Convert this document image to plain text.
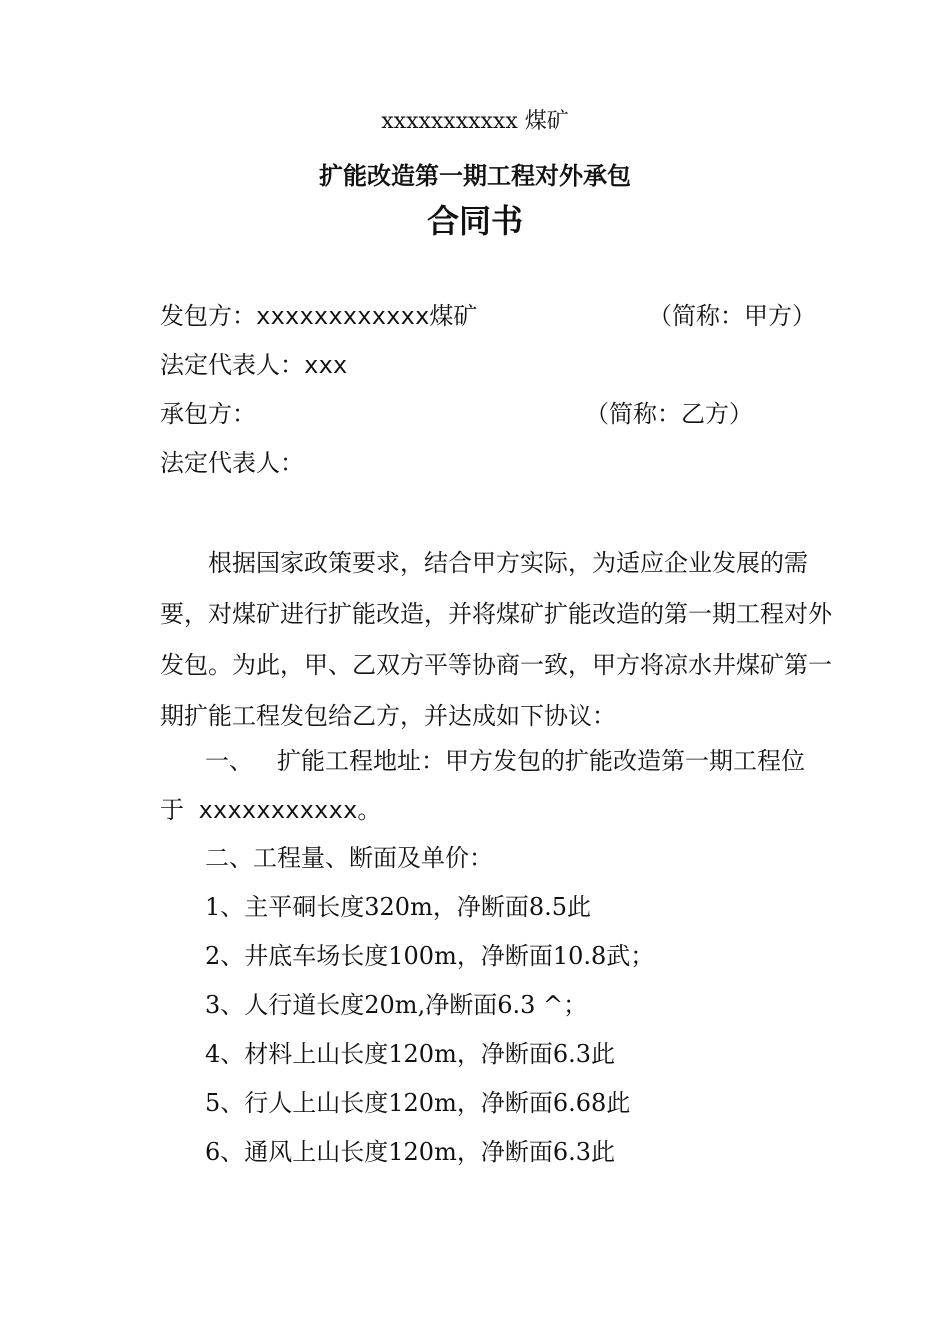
xxxxxxxxxxx 煤矿
扩能改造第一期工程对外承包
合同书
发包方：xxxxxxxxxxxx煤矿	（简称：甲方）
法定代表人：xxx
承包方：	（简称：乙方）
法定代表人：
根据国家政策要求，结合甲方实际，为适应企业发展的需要，对煤矿进行扩能改造，并将煤矿扩能改造的第一期工程对外发包。为此，甲、乙双方平等协商一致，甲方将凉水井煤矿第一期扩能工程发包给乙方，并达成如下协议：
一、 扩能工程地址：甲方发包的扩能改造第一期工程位
于 xxxxxxxxxxx。
二、工程量、断面及单价：
1、主平硐长度320m，净断面8.5此
2、井底车场长度100m，净断面10.8武；
3、人行道长度20m,净断面6.3 ^；
4、材料上山长度120m，净断面6.3此
5、行人上山长度120m，净断面6.68此
6、通风上山长度120m，净断面6.3此
